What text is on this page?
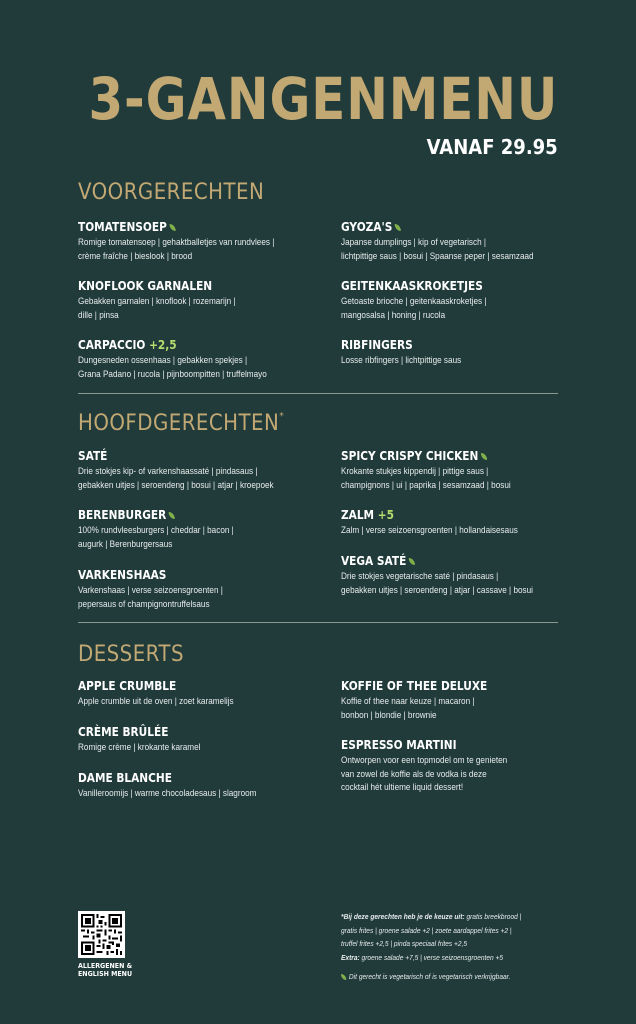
3-GANGENMENU
VANAF 29.95
VOORGERECHTEN
TOMATENSOEP
Romige tomatensoep | gehaktballetjes van rundvlees |
crème fraîche | bieslook | brood
KNOFLOOK GARNALEN
Gebakken garnalen | knoflook | rozemarijn |
dille | pinsa
CARPACCIO +2,5
Dungesneden ossenhaas | gebakken spekjes |
Grana Padano | rucola | pijnboompitten | truffelmayo
GYOZA'S
Japanse dumplings | kip of vegetarisch |
lichtpittige saus | bosui | Spaanse peper | sesamzaad
GEITENKAASKROKETJES
Getoaste brioche | geitenkaaskroketjes |
mangosalsa | honing | rucola
RIBFINGERS
Losse ribfingers | lichtpittige saus
HOOFDGERECHTEN*
SATÉ
Drie stokjes kip- of varkenshaassaté | pindasaus |
gebakken uitjes | seroendeng | bosui | atjar | kroepoek
BERENBURGER
100% rundvleesburgers | cheddar | bacon |
augurk | Berenburgersaus
VARKENSHAAS
Varkenshaas | verse seizoensgroenten |
pepersaus of champignontruffelsaus
SPICY CRISPY CHICKEN
Krokante stukjes kippendij | pittige saus |
champignons | ui | paprika | sesamzaad | bosui
ZALM +5
Zalm | verse seizoensgroenten | hollandaisesaus
VEGA SATÉ
Drie stokjes vegetarische saté | pindasaus |
gebakken uitjes | seroendeng | atjar | cassave | bosui
DESSERTS
APPLE CRUMBLE
Apple crumble uit de oven | zoet karamelijs
CRÈME BRÛLÉE
Romige crème | krokante karamel
DAME BLANCHE
Vanilleroomijs | warme chocoladesaus | slagroom
KOFFIE OF THEE DELUXE
Koffie of thee naar keuze | macaron |
bonbon | blondie | brownie
ESPRESSO MARTINI
Ontworpen voor een topmodel om te genieten
van zowel de koffie als de vodka is deze
cocktail hét ultieme liquid dessert!
ALLERGENEN &
ENGLISH MENU
*Bij deze gerechten heb je de keuze uit: gratis breekbrood |
gratis frites | groene salade +2 | zoete aardappel frites +2 |
truffel frites +2,5 | pinda speciaal frites +2,5
Extra: groene salade +7,5 | verse seizoensgroenten +5
Dit gerecht is vegetarisch of is vegetarisch verkrijgbaar.
